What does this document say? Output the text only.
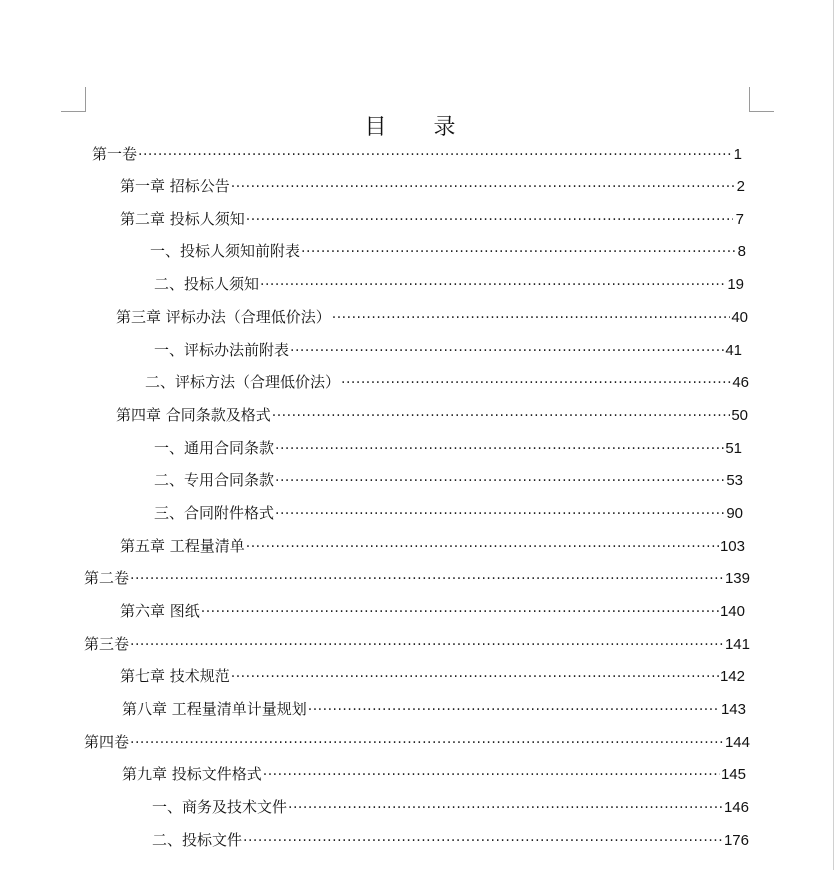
目 录
第一卷 ·····	1
第一章 招标公告 ·····	2
第二章 投标人须知 ·····	7
一、投标人须知前附表 ·····	8
二、投标人须知 ·····	19
第三章 评标办法（合理低价法） ·····	40
一、评标办法前附表 ·····	41
二、评标方法（合理低价法） ·····	46
第四章 合同条款及格式 ·····	50
一、通用合同条款 ·····	51
二、专用合同条款 ·····	53
三、合同附件格式 ·····	90
第五章 工程量清单 ·····	103
第二卷 ·····	139
第六章 图纸 ·····	140
第三卷 ·····	141
第七章 技术规范 ·····	142
第八章 工程量清单计量规划 ·····	143
第四卷 ·····	144
第九章 投标文件格式 ·····	145
一、商务及技术文件 ·····	146
二、投标文件 ·····	176
